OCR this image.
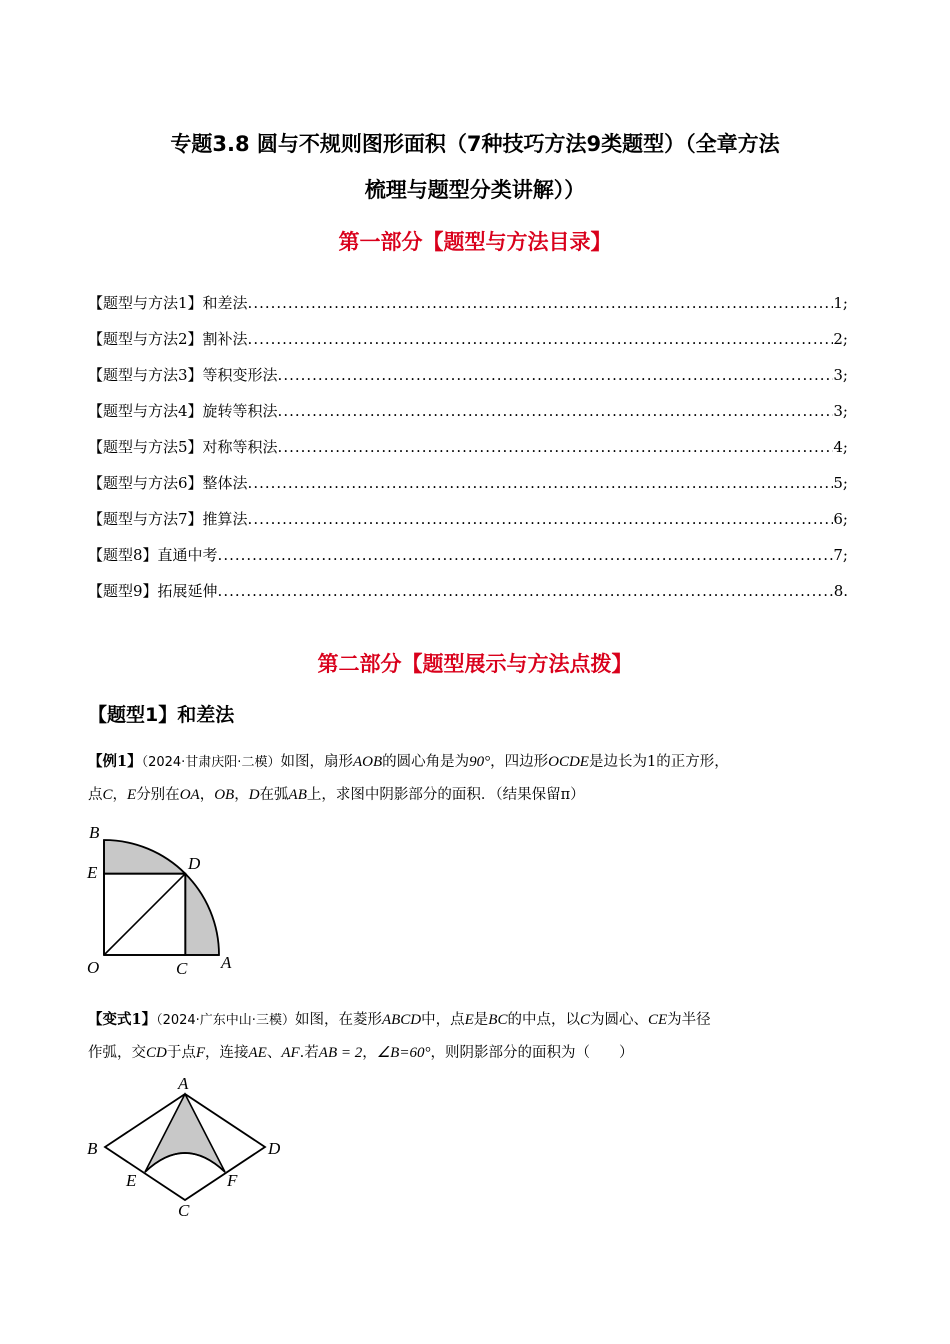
专题3.8 圆与不规则图形面积（7种技巧方法9类题型）（全章方法
梳理与题型分类讲解））
第一部分【题型与方法目录】
【题型与方法1】和差法 .....	1;
【题型与方法2】割补法 .....	2;
【题型与方法3】等积变形法 .....	3;
【题型与方法4】旋转等积法 .....	3;
【题型与方法5】对称等积法 .....	4;
【题型与方法6】整体法 .....	5;
【题型与方法7】推算法 .....	6;
【题型8】直通中考 .....	7;
【题型9】拓展延伸 .....	8.
第二部分【题型展示与方法点拨】
【题型1】和差法
【例1】（2024·甘肃庆阳·二模）如图，扇形AOB的圆心角是为90°，四边形OCDE是边长为1的正方形，
点C，E分别在OA，OB，D在弧AB上，求图中阴影部分的面积．（结果保留π）
B
E	D
O	C A
【变式1】（2024·广东中山·三模）如图，在菱形ABCD中，点E是BC的中点，以C为圆心、CE为半径
作弧，交CD于点F，连接AE、AF.若AB = 2，∠B=60°，则阴影部分的面积为（　　）
A
B	D
E	F
C
